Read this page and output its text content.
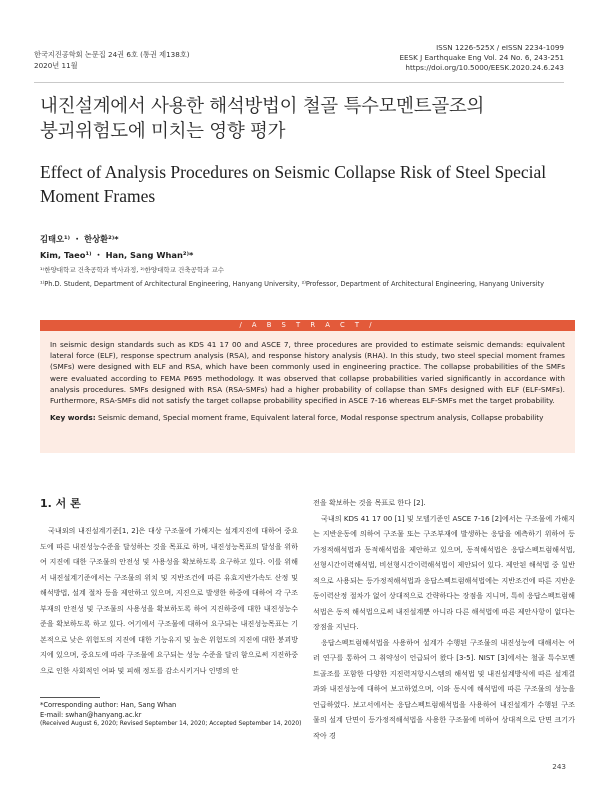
한국지진공학회 논문집 24권 6호 (통권 제138호)
2020년 11월
ISSN 1226-525X / eISSN 2234-1099
EESK J Earthquake Eng Vol. 24 No. 6, 243-251
https://doi.org/10.5000/EESK.2020.24.6.243
내진설계에서 사용한 해석방법이 철골 특수모멘트골조의
붕괴위험도에 미치는 영향 평가
Effect of Analysis Procedures on Seismic Collapse Risk of Steel Special
Moment Frames
김태오¹⁾ ・ 한상환²⁾*
Kim, Taeo¹⁾ ・ Han, Sang Whan²⁾*
¹⁾한양대학교 건축공학과 박사과정, ²⁾한양대학교 건축공학과 교수
¹⁾Ph.D. Student, Department of Architectural Engineering, Hanyang University, ²⁾Professor, Department of Architectural Engineering, Hanyang University
/ A B S T R A C T /
In seismic design standards such as KDS 41 17 00 and ASCE 7, three procedures are provided to estimate seismic demands: equivalent lateral force (ELF), response spectrum analysis (RSA), and response history analysis (RHA). In this study, two steel special moment frames (SMFs) were designed with ELF and RSA, which have been commonly used in engineering practice. The collapse probabilities of the SMFs were evaluated according to FEMA P695 methodology. It was observed that collapse probabilities varied significantly in accordance with analysis procedures. SMFs designed with RSA (RSA-SMFs) had a higher probability of collapse than SMFs designed with ELF (ELF-SMFs). Furthermore, RSA-SMFs did not satisfy the target collapse probability specified in ASCE 7-16 whereas ELF-SMFs met the target probability.
Key words: Seismic demand, Special moment frame, Equivalent lateral force, Modal response spectrum analysis, Collapse probability
1. 서 론

국내외의 내진설계기준[1, 2]은 대상 구조물에 가해지는 설계지진에 대하여 중요도에 따른 내진성능수준을 달성하는 것을 목표로 하며, 내진성능목표의 달성을 위하여 지진에 대한 구조물의 안전성 및 사용성을 확보하도록 요구하고 있다. 이를 위해서 내진설계기준에서는 구조물의 위치 및 지반조건에 따른 유효지반가속도 산정 및 해석방법, 설계 절차 등을 제안하고 있으며, 지진으로 발생한 하중에 대하여 각 구조부재의 안전성 및 구조물의 사용성을 확보하도록 하여 지진하중에 대한 내진성능수준을 확보하도록 하고 있다. 여기에서 구조물에 대하여 요구되는 내진성능목표는 기본적으로 낮은 위험도의 지진에 대한 기능유지 및 높은 위험도의 지진에 대한 붕괴방지에 있으며, 중요도에 따라 구조물에 요구되는 성능 수준을 달리 함으로써 지진하중으로 인한 사회적인 여파 및 피해 정도를 감소시키거나 인명의 안

전을 확보하는 것을 목표로 한다 [2].

국내의 KDS 41 17 00 [1] 및 모델기준인 ASCE 7-16 [2]에서는 구조물에 가해지는 지반운동에 의하여 구조물 또는 구조부재에 발생하는 응답을 예측하기 위하여 등가정적해석법과 동적해석법을 제안하고 있으며, 동적해석법은 응답스펙트럼해석법, 선형시간이력해석법, 비선형시간이력해석법이 제안되어 있다. 제안된 해석법 중 일반적으로 사용되는 등가정적해석법과 응답스펙트럼해석법에는 지반조건에 따른 지반운동이력산정 절차가 없어 상대적으로 간략하다는 장점을 지니며, 특히 응답스펙트럼해석법은 동적 해석법으로써 내진설계뿐 아니라 다른 해석법에 따른 제안사항이 없다는 장점을 지닌다.

응답스펙트럼해석법을 사용하여 설계가 수행된 구조물의 내진성능에 대해서는 여러 연구를 통하여 그 취약성이 언급되어 왔다 [3-5]. NIST [3]에서는 철골 특수모멘트골조를 포함한 다양한 지진력저항시스템의 해석법 및 내진설계방식에 따른 설계결과와 내진성능에 대하여 보고하였으며, 이와 동시에 해석법에 따른 구조물의 성능을 언급하였다. 보고서에서는 응답스펙트럼해석법을 사용하여 내진설계가 수행된 구조물의 설계 단면이 등가정적해석법을 사용한 구조물에 비하여 상대적으로 단면 크기가 작아 경

*Corresponding author: Han, Sang Whan
E-mail: swhan@hanyang.ac.kr
(Received August 6, 2020; Revised September 14, 2020; Accepted September 14, 2020)
243
